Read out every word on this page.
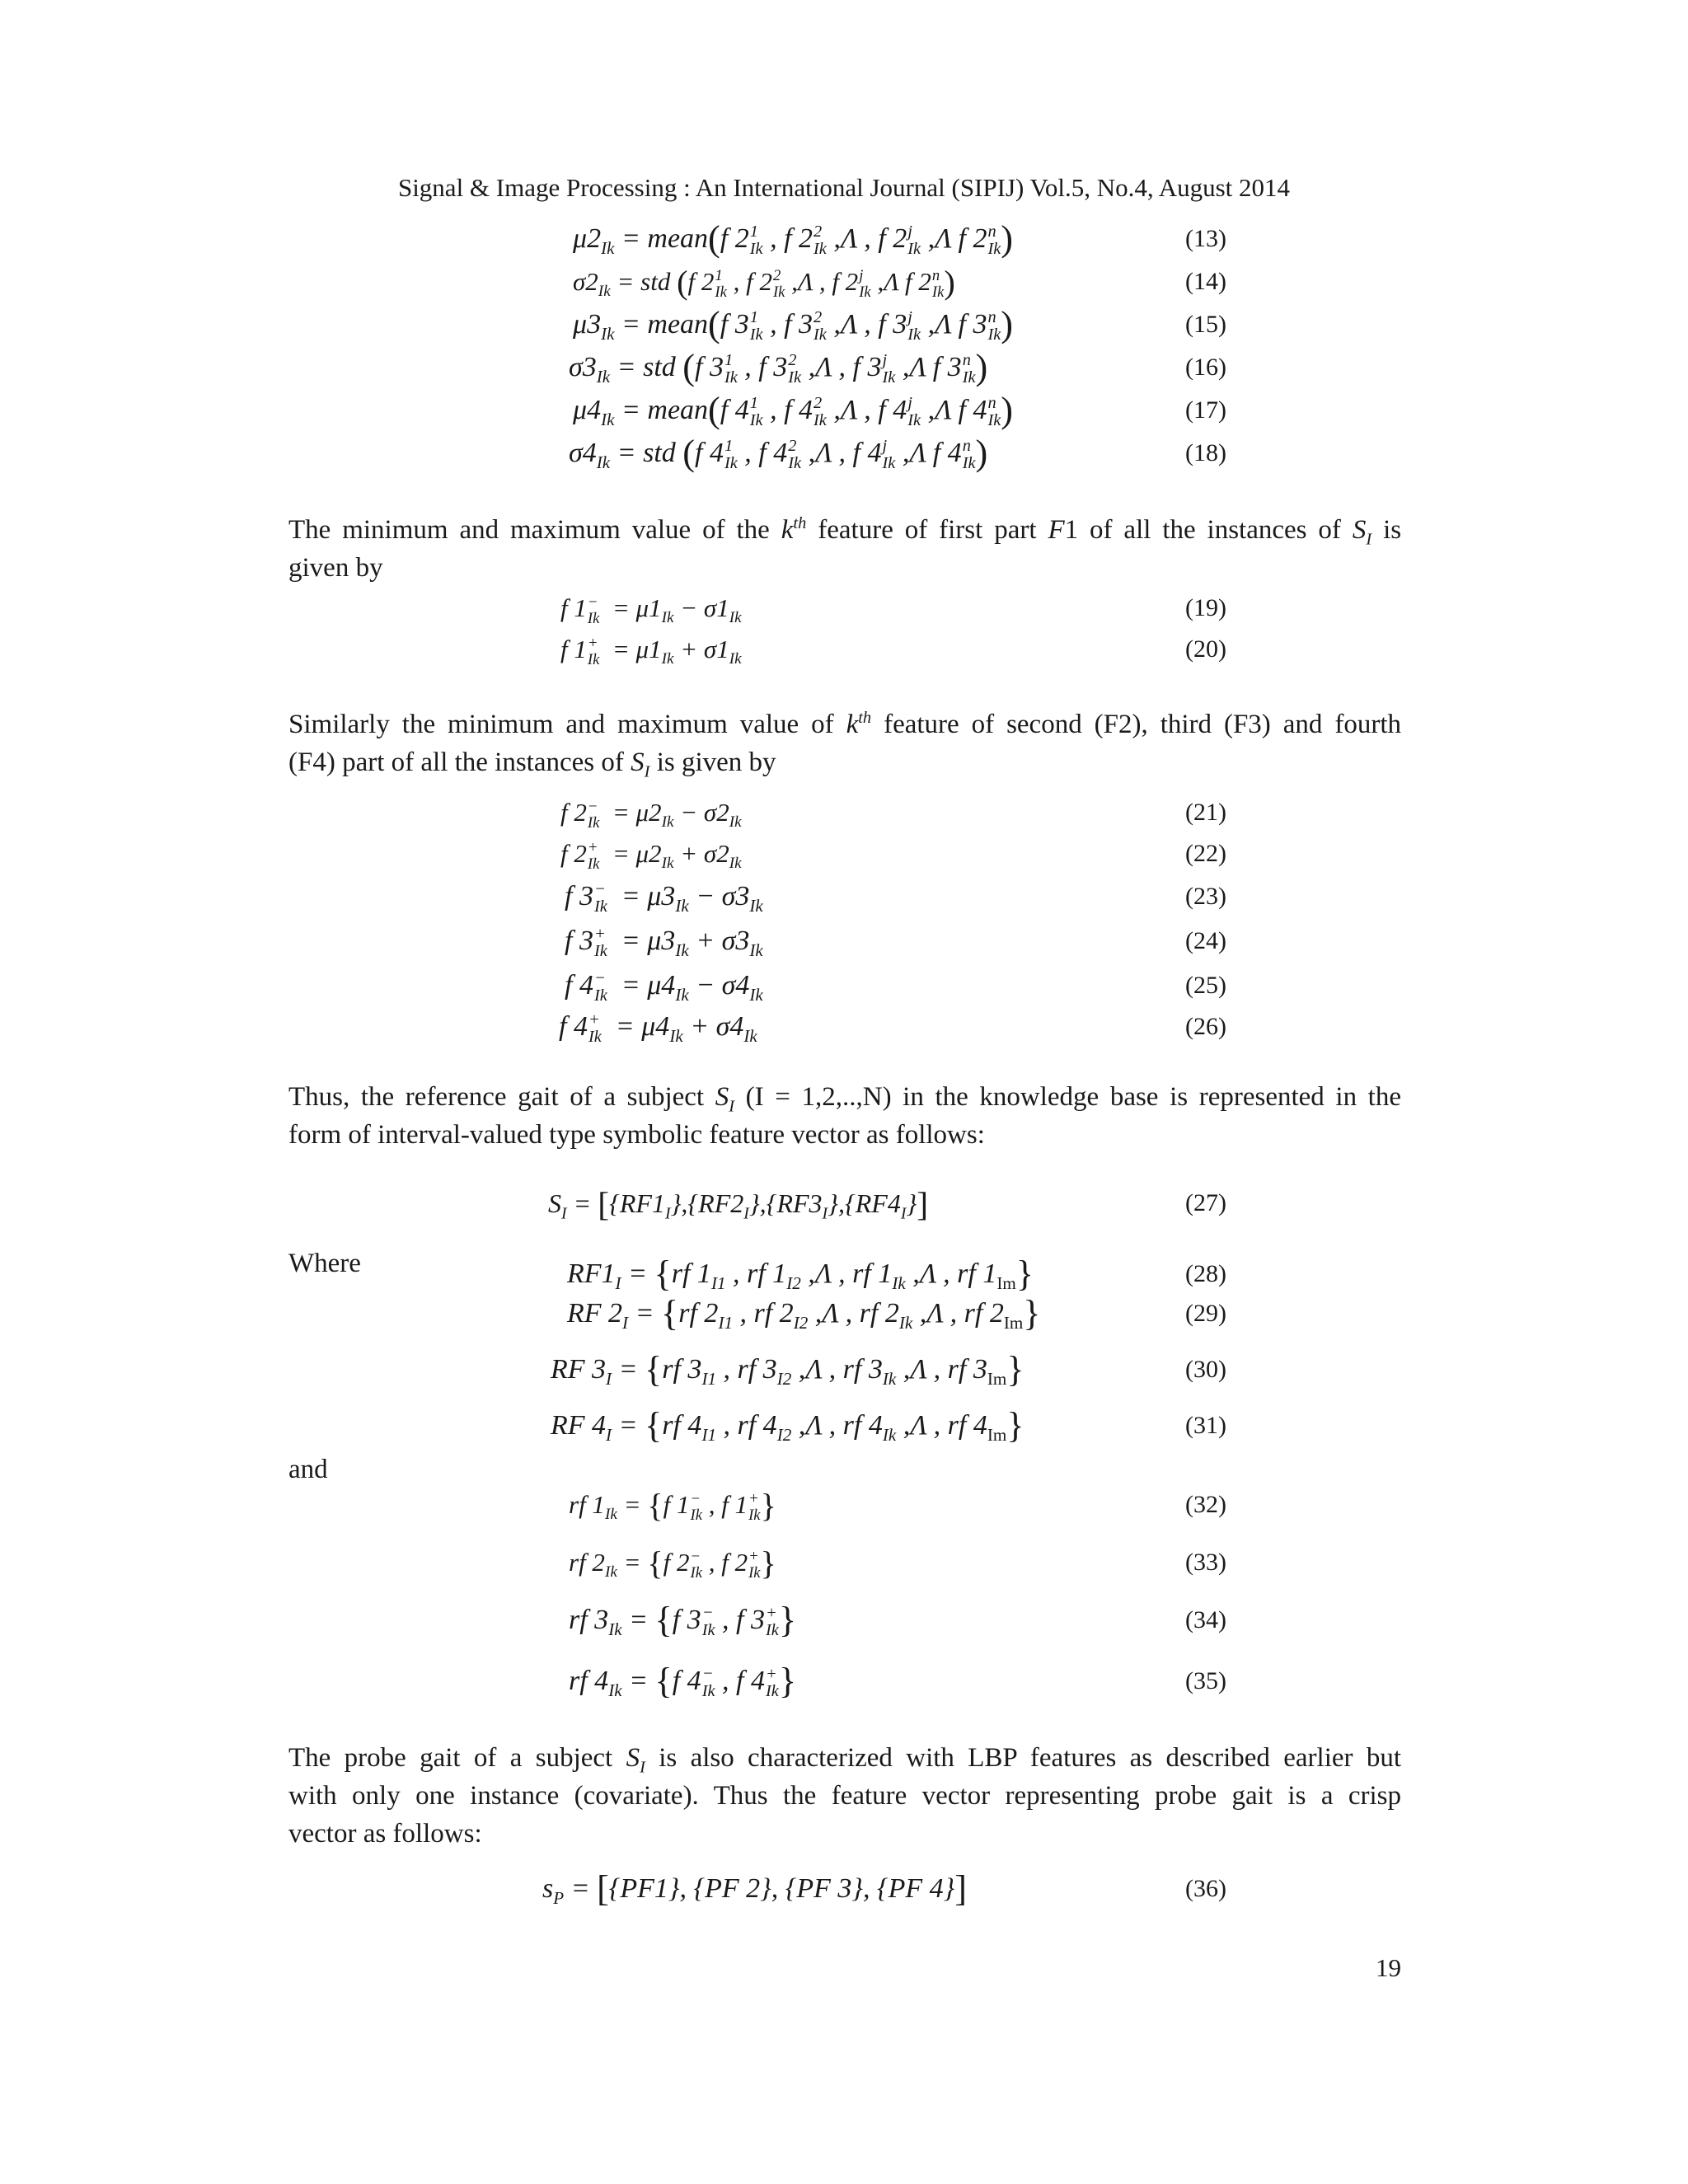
Signal & Image Processing : An International Journal (SIPIJ) Vol.5, No.4, August 2014
$\mu 2_{Ik}$ = mean(f 2 1
Ik , f 2 2
Ik ,Λ , f 2 j
Ik ,Λ f 2 n
Ik )	(13)
$\sigma 2_{Ik}$ = std (f 2 1
Ik , f 2 2
Ik ,Λ , f 2 j
Ik ,Λ f 2 n
Ik )	(14)
$\mu 3_{Ik}$ = mean(f 3 1
Ik , f 3 2
Ik ,Λ , f 3 j
Ik ,Λ f 3 n
Ik )	(15)
$\sigma 3_{Ik}$ = std (f 3 1
Ik , f 3 2
Ik ,Λ , f 3 j
Ik ,Λ f 3 n
Ik )	(16)
$\mu 4_{Ik}$ = mean(f 4 1
Ik , f 4 2
Ik ,Λ , f 4 j
Ik ,Λ f 4 n
Ik )	(17)
$\sigma 4_{Ik}$ = std (f 4 1
Ik , f 4 2
Ik ,Λ , f 4 j
Ik ,Λ f 4 n
Ik )	(18)
The minimum and maximum value of the $k^{th}$ feature of first part F1 of all the instances of $S_I$ is
given by
f 1 −
$Ik = \mu 1_{Ik} - \sigma 1_{Ik}$	(19)
f 1 +
$Ik = \mu 1_{Ik} + \sigma 1_{Ik}$	(20)
Similarly the minimum and maximum value of $k^{th}$ feature of second (F2), third (F3) and fourth
(F4) part of all the instances of $S_I$ is given by
f 2 −
$Ik = \mu 2_{Ik} - \sigma 2_{Ik}$	(21)
f 2 +
$Ik = \mu 2_{Ik} + \sigma 2_{Ik}$	(22)
f 3 −
$Ik = \mu 3_{Ik} - \sigma 3_{Ik}$	(23)
f 3 +
$Ik = \mu 3_{Ik} + \sigma 3_{Ik}$	(24)
f 4 −
$Ik = \mu 4_{Ik} - \sigma 4_{Ik}$	(25)
f 4 +
$Ik = \mu 4_{Ik} + \sigma 4_{Ik}$	(26)
Thus, the reference gait of a subject $S_I$ (I = 1,2,..,N) in the knowledge base is represented in the
form of interval-valued type symbolic feature vector as follows:
$S_I = [\{RF1_I\},\{RF2_I\},\{RF3_I\},\{RF4_I\}]$	(27)
Where	$RF1_I = \{rf$ $1_{I1}$ , rf $1_{I2}$ ,Λ , rf $1_{Ik}$ ,Λ , rf $1_{Im}$}	(28)
RF $2_I = \{rf$ $2_{I1}$ , rf $2_{I2}$ ,Λ , rf $2_{Ik}$ ,Λ , rf $2_{Im}$}	(29)
RF $3_I = \{rf$ $3_{I1}$ , rf $3_{I2}$ ,Λ , rf $3_{Ik}$ ,Λ , rf $3_{Im}$}	(30)
RF $4_I = \{rf$ $4_{I1}$ , rf $4_{I2}$ ,Λ , rf $4_{Ik}$ ,Λ , rf $4_{Im}$}	(31)
and
rf $1_{Ik} = \{f$ 1 −
Ik , f 1 +
Ik }	(32)
rf $2_{Ik} = \{f$ 2 −
Ik , f 2 +
Ik }	(33)
rf $3_{Ik} = \{f$ 3 −
Ik , f 3 +
Ik }	(34)
rf $4_{Ik} = \{f$ 4 −
Ik , f 4 +
Ik }	(35)
The probe gait of a subject $S_I$ is also characterized with LBP features as described earlier but
with only one instance (covariate). Thus the feature vector representing probe gait is a crisp
vector as follows:
$s_P = [\{PF1\}$, {PF 2}, {PF 3}, {PF 4}]	(36)
19
